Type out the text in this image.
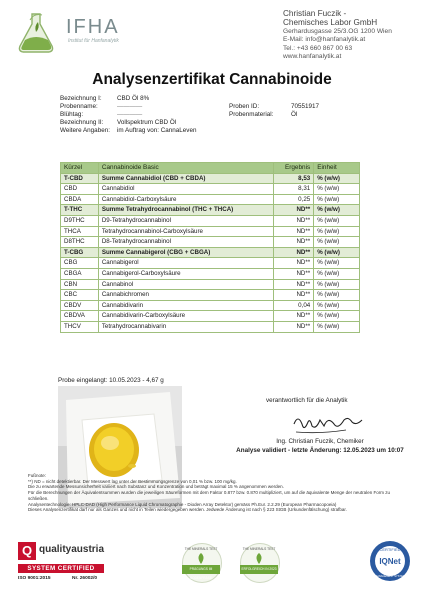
IFHA
Institut für Hanfanalytik
Christian Fuczik -
Chemisches Labor GmbH
Gerhardusgasse 25/3.OG 1200 Wien
E-Mail: info@hanfanalytik.at
Tel.: +43 660 867 00 63
www.hanfanalytik.at
Analysenzertifikat Cannabinoide
Bezeichnung I: CBD Öl 8%
Probenname:	————	Proben ID:	70551917
Blühtag:	————	Probenmaterial:	Öl
Bezeichnung II: Vollspektrum CBD Öl
Weitere Angaben: im Auftrag von: CannaLeven
Kürzel	Cannabinoide Basic	Ergebnis	Einheit
T-CBD	Summe Cannabidiol (CBD + CBDA)	8,53	% (w/w)
CBD	Cannabidiol	8,31	% (w/w)
CBDA	Cannabidiol-Carboxylsäure	0,25	% (w/w)
T-THC	Summe Tetrahydrocannabinol (THC + THCA)	ND**	% (w/w)
D9THC	D9-Tetrahydrocannabinol	ND**	% (w/w)
THCA	Tetrahydrocannabinol-Carboxylsäure	ND**	% (w/w)
D8THC	D8-Tetrahydrocannabinol	ND**	% (w/w)
T-CBG	Summe Cannabigerol (CBG + CBGA)	ND**	% (w/w)
CBG	Cannabigerol	ND**	% (w/w)
CBGA	Cannabigerol-Carboxylsäure	ND**	% (w/w)
CBN	Cannabinol	ND**	% (w/w)
CBC	Cannabichromen	ND**	% (w/w)
CBDV	Cannabidivarin	0,04	% (w/w)
CBDVA	Cannabidivarin-Carboxylsäure	ND**	% (w/w)
THCV	Tetrahydrocannabivarin	ND**	% (w/w)
Probe eingelangt: 10.05.2023 - 4,67 g
verantwortlich für die Analytik
Ing. Christian Fuczik, Chemiker
Analyse validiert - letzte Änderung: 12.05.2023 um 10:07
Fußnote:
**) ND = nicht detektierbar. Der Messwert lag unter der Bestimmungsgrenze von 0,01 % bzw. 100 mg/kg.
Die zu erwartende Messunsicherheit variiert nach Substanz und Konzentration und beträgt maximal 15 % angenommen werden.
Für die Berechnungen der Äquivalentsummen wurden die jeweiligen Säureformen mit dem Faktor 0.877 bzw. 0.870 multipliziert, um auf die äquivalente Menge der neutralen Form zu schließen.
Analysentechnologie: HPLC-DAD (High Performance Liquid Chromatographie - Dioden Array Detektor) gemäss Ph.Eur. 2.2.29 (European Pharmacopoeia)
Dieses Analysenzertifikat darf nur als Ganzes und nicht in Teilen wiedergegeben werden. Jedwede Änderung ist nach § 223 StGB (Urkundenfälschung) strafbar.
Q qualityaustria
SYSTEM CERTIFIED
ISO 9001:2015	Nr. 26002/0
THE MINERALS TEST
PRÄGUNGS IM BODENFRÄSE
THE MINERALS TEST
ERFOLGREICH IN 2023
CERTIFIED
IQNet
MANAGEMENT SYSTEM
